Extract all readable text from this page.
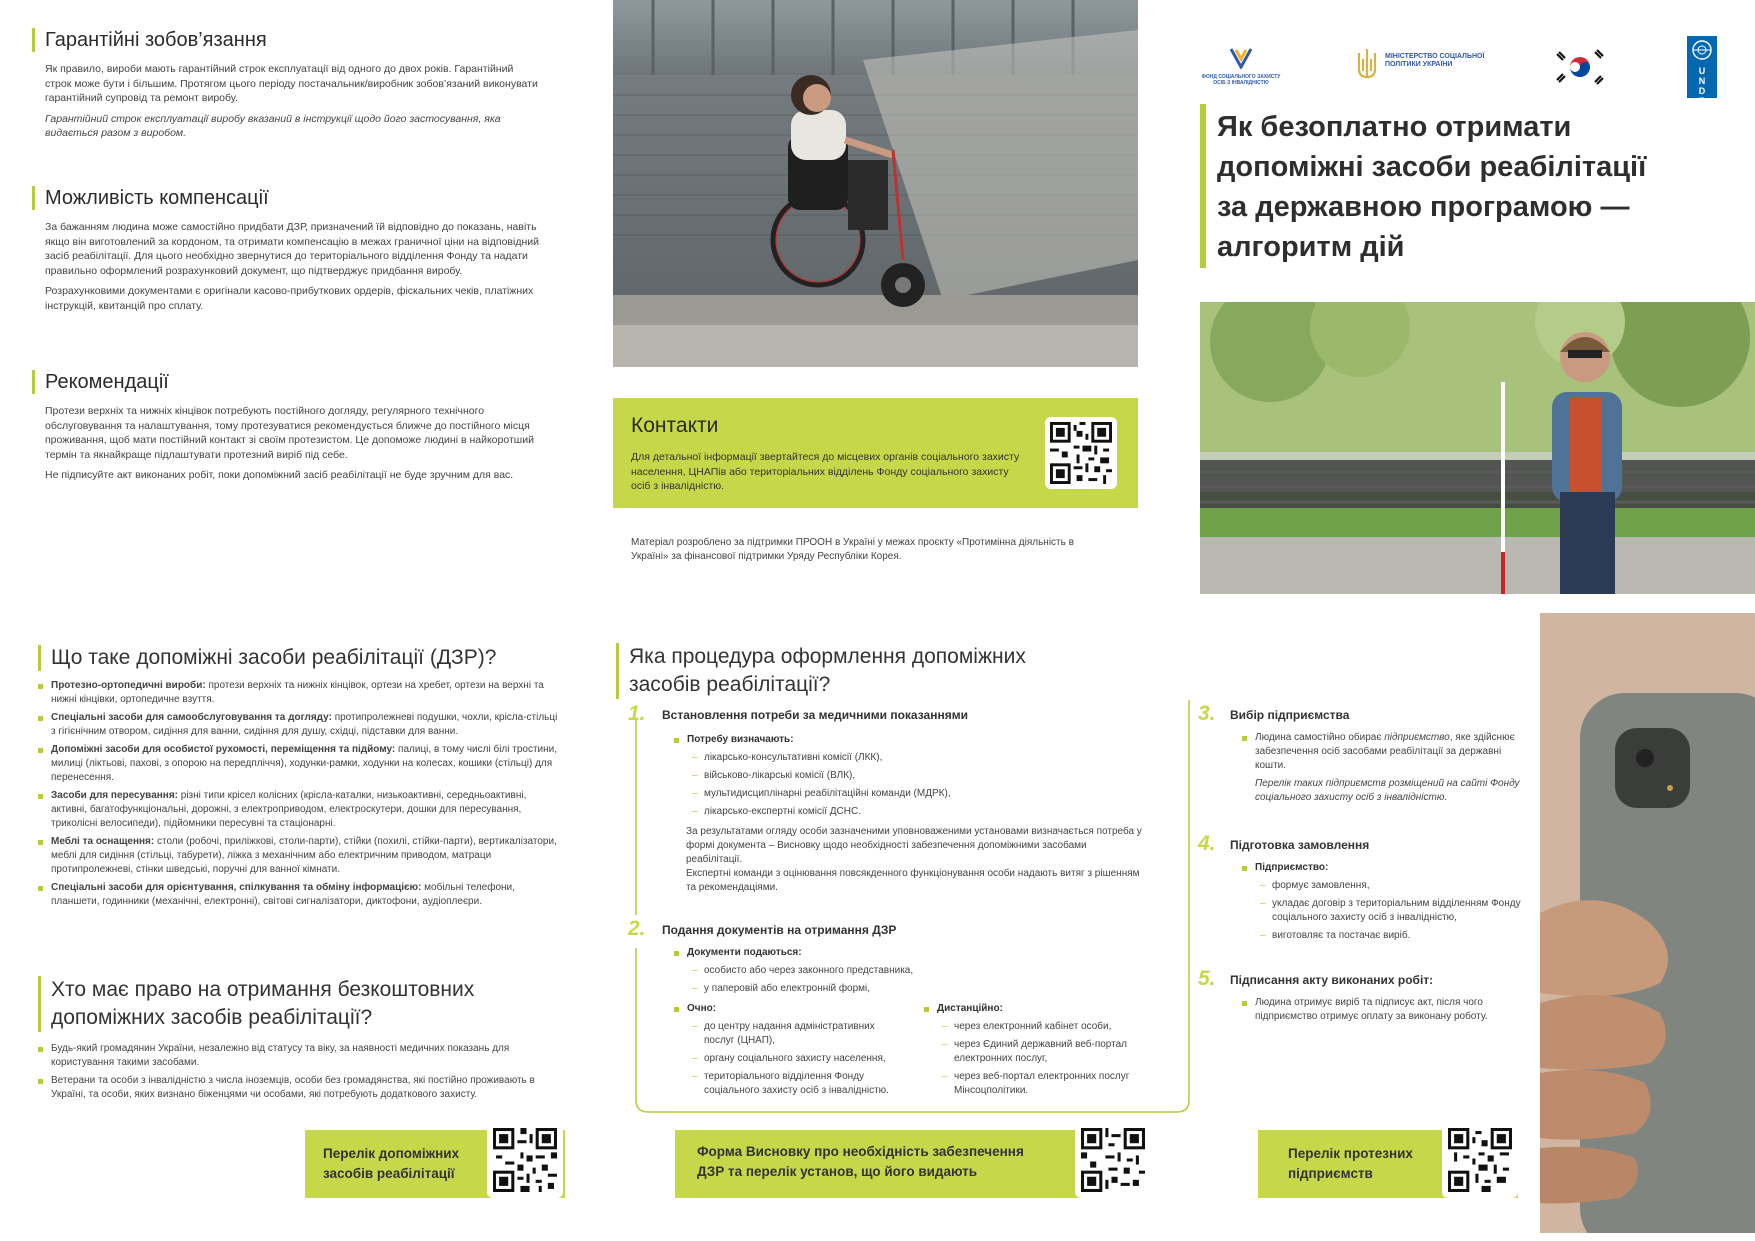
Гарантійні зобов’язання

Як правило, вироби мають гарантійний строк експлуатації від одного до двох років. Гарантійний строк може бути і більшим. Протягом цього періоду постачальник/виробник зобов’язаний виконувати гарантійний супровід та ремонт виробу.

Гарантійний строк експлуатації виробу вказаний в інструкції щодо його застосування, яка видається разом з виробом.

Можливість компенсації

За бажанням людина може самостійно придбати ДЗР, призначений їй відповідно до показань, навіть якщо він виготовлений за кордоном, та отримати компенсацію в межах граничної ціни на відповідний засіб реабілітації. Для цього необхідно звернутися до територіального відділення Фонду та надати правильно оформлений розрахунковий документ, що підтверджує придбання виробу.

Розрахунковими документами є оригінали касово-прибуткових ордерів, фіскальних чеків, платіжних інструкцій, квитанцій про сплату.

Рекомендації

Протези верхніх та нижніх кінцівок потребують постійного догляду, регулярного технічного обслуговування та налаштування, тому протезуватися рекомендується ближче до постійного місця проживання, щоб мати постійний контакт зі своїм протезистом. Це допоможе людині в найкоротший термін та якнайкраще підлаштувати протезний виріб під себе.

Не підписуйте акт виконаних робіт, поки допоміжний засіб реабілітації не буде зручним для вас.

Контакти

Для детальної інформації звертайтеся до місцевих органів соціального захисту населення, ЦНАПів або територіальних відділень Фонду соціального захисту осіб з інвалідністю.

Матеріал розроблено за підтримки ПРООН в Україні у межах проєкту «Протимінна діяльність в Україні» за фінансової підтримки Уряду Республіки Корея.

ФОНД СОЦІАЛЬНОГО ЗАХИСТУ ОСІБ З ІНВАЛІДНІСТЮ
МІНІСТЕРСТВО СОЦІАЛЬНОЇ ПОЛІТИКИ УКРАЇНИ
U N D P
Як безоплатно отримати
допоміжні засоби реабілітації
за державною програмою —
алгоритм дій
Що таке допоміжні засоби реабілітації (ДЗР)?
Протезно-ортопедичні вироби: протези верхніх та нижніх кінцівок, ортези на хребет, ортези на верхні та нижні кінцівки, ортопедичне взуття.
Спеціальні засоби для самообслуговування та догляду: протипролежневі подушки, чохли, крісла-стільці з гігієнічним отвором, сидіння для ванни, сидіння для душу, східці, підставки для ванни.
Допоміжні засоби для особистої рухомості, переміщення та підйому: палиці, в тому числі білі тростини, милиці (ліктьові, пахові, з опорою на передпліччя), ходунки-рамки, ходунки на колесах, кошики (стільці) для перенесення.
Засоби для пересування: різні типи крісел колісних (крісла-каталки, низькоактивні, середньоактивні, активні, багатофункціональні, дорожні, з електроприводом, електроскутери, дошки для пересування, триколісні велосипеди), підйомники пересувні та стаціонарні.
Меблі та оснащення: столи (робочі, приліжкові, столи-парти), стійки (похилі, стійки-парти), вертикалізатори, меблі для сидіння (стільці, табурети), ліжка з механічним або електричним приводом, матраци протипролежневі, стінки шведські, поручні для ванної кімнати.
Спеціальні засоби для орієнтування, спілкування та обміну інформацією: мобільні телефони, планшети, годинники (механічні, електронні), світові сигналізатори, диктофони, аудіоплеєри.
Хто має право на отримання безкоштовних
допоміжних засобів реабілітації?
Будь-який громадянин України, незалежно від статусу та віку, за наявності медичних показань для користування такими засобами.
Ветерани та особи з інвалідністю з числа іноземців, особи без громадянства, які постійно проживають в Україні, та особи, яких визнано біженцями чи особами, які потребують додаткового захисту.
Перелік допоміжних засобів реабілітації
Яка процедура оформлення допоміжних
засобів реабілітації?
1. Встановлення потреби за медичними показаннями
Потребу визначають:
– лікарсько-консультативні комісії (ЛКК),
– військово-лікарські комісії (ВЛК),
– мультидисциплінарні реабілітаційні команди (МДРК),
– лікарсько-експертні комісії ДСНС.

За результатами огляду особи зазначеними уповноваженими установами визначається потреба у формі документа – Висновку щодо необхідності забезпечення допоміжними засобами реабілітації.

Експертні команди з оцінювання повсякденного функціонування особи надають витяг з рішенням та рекомендаціями.

2. Подання документів на отримання ДЗР
Документи подаються:
– особисто або через законного представника,
– у паперовій або електронній формі,
Очно:
– до центру надання адміністративних послуг (ЦНАП),
– органу соціального захисту населення,
– територіального відділення Фонду соціального захисту осіб з інвалідністю.
Дистанційно:
– через електронний кабінет особи,
– через Єдиний державний веб-портал електронних послуг,
– через веб-портал електронних послуг Мінсоцполітики.
3. Вибір підприємства
Людина самостійно обирає підприємство, яке здійснює забезпечення осіб засобами реабілітації за державні кошти.

Перелік таких підприємств розміщений на сайті Фонду соціального захисту осіб з інвалідністю.

4. Підготовка замовлення
Підприємство:
– формує замовлення,
– укладає договір з територіальним відділенням Фонду соціального захисту осіб з інвалідністю,
– виготовляє та постачає виріб.
5. Підписання акту виконаних робіт:
Людина отримує виріб та підписує акт, після чого підприємство отримує оплату за виконану роботу.
Форма Висновку про необхідність забезпечення ДЗР та перелік установ, що його видають
Перелік протезних підприємств
